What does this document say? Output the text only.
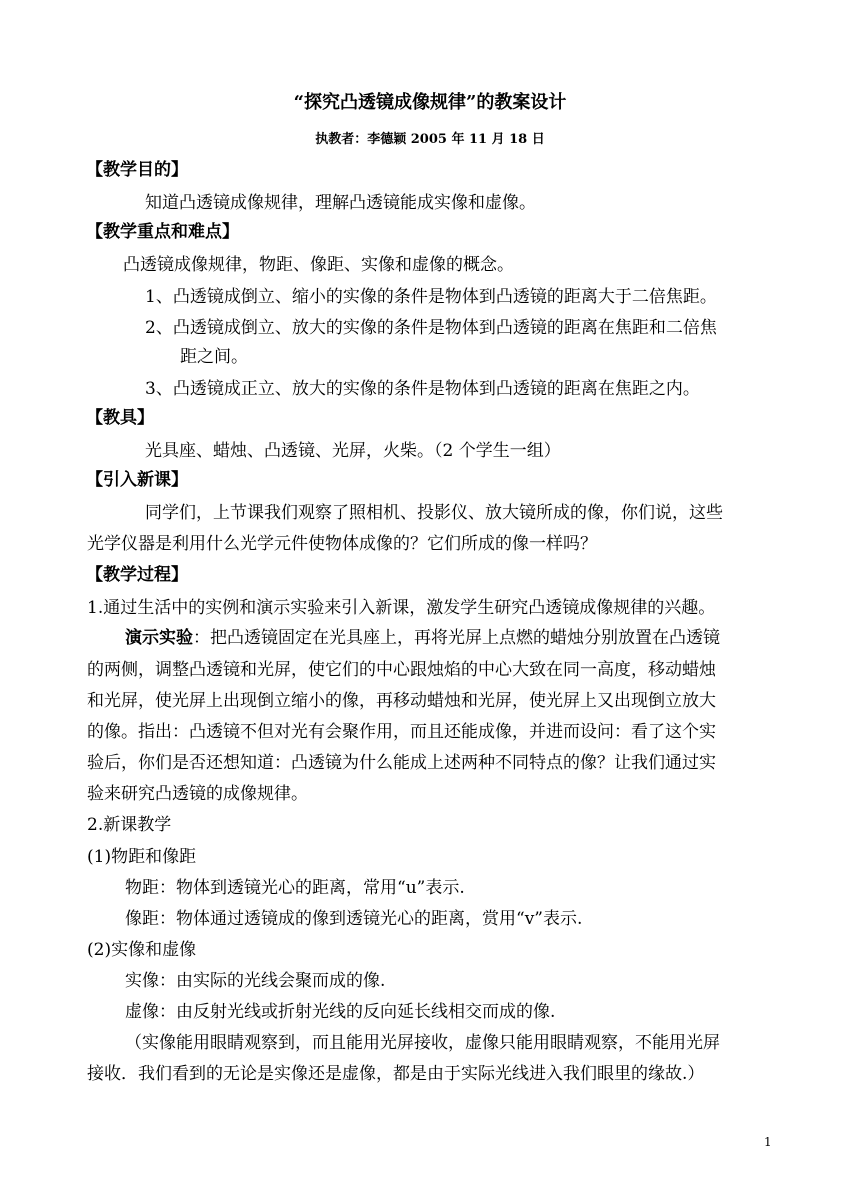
“探究凸透镜成像规律”的教案设计
执教者：李德颖 2005 年 11 月 18 日
【教学目的】
知道凸透镜成像规律，理解凸透镜能成实像和虚像。
【教学重点和难点】
凸透镜成像规律，物距、像距、实像和虚像的概念。
1、凸透镜成倒立、缩小的实像的条件是物体到凸透镜的距离大于二倍焦距。
2、凸透镜成倒立、放大的实像的条件是物体到凸透镜的距离在焦距和二倍焦
距之间。
3、凸透镜成正立、放大的实像的条件是物体到凸透镜的距离在焦距之内。
【教具】
光具座、蜡烛、凸透镜、光屏，火柴。（2 个学生一组）
【引入新课】
同学们，上节课我们观察了照相机、投影仪、放大镜所成的像，你们说，这些
光学仪器是利用什么光学元件使物体成像的？它们所成的像一样吗？
【教学过程】
1.通过生活中的实例和演示实验来引入新课，激发学生研究凸透镜成像规律的兴趣。
演示实验：把凸透镜固定在光具座上，再将光屏上点燃的蜡烛分别放置在凸透镜
的两侧，调整凸透镜和光屏，使它们的中心跟烛焰的中心大致在同一高度，移动蜡烛
和光屏，使光屏上出现倒立缩小的像，再移动蜡烛和光屏，使光屏上又出现倒立放大
的像。指出：凸透镜不但对光有会聚作用，而且还能成像，并进而设问：看了这个实
验后，你们是否还想知道：凸透镜为什么能成上述两种不同特点的像？让我们通过实
验来研究凸透镜的成像规律。
2.新课教学
(1)物距和像距
物距：物体到透镜光心的距离，常用“u”表示.
像距：物体通过透镜成的像到透镜光心的距离，赏用“v”表示.
(2)实像和虚像
实像：由实际的光线会聚而成的像.
虚像：由反射光线或折射光线的反向延长线相交而成的像.
（实像能用眼睛观察到，而且能用光屏接收，虚像只能用眼睛观察，不能用光屏
接收．我们看到的无论是实像还是虚像，都是由于实际光线进入我们眼里的缘故.）
1
